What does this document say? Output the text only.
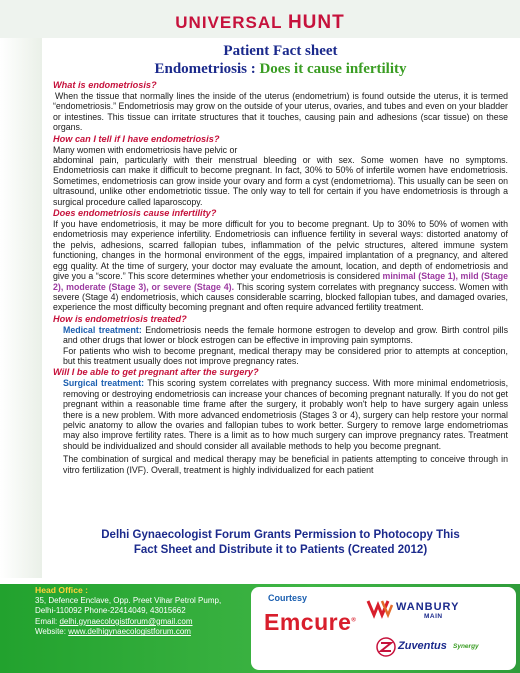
UNIVERSAL HUNT
Patient Fact sheet
Endometriosis : Does it cause infertility
What is endometriosis?
When the tissue that normally lines the inside of the uterus (endometrium) is found outside the uterus, it is termed “endometriosis.” Endometriosis may grow on the outside of your uterus, ovaries, and tubes and even on your bladder or intestines. This tissue can irritate structures that it touches, causing pain and adhesions (scar tissue) on these organs.
How can I tell if I have endometriosis?
Many women with endometriosis have pelvic or
abdominal pain, particularly with their menstrual bleeding or with sex. Some women have no symptoms. Endometriosis can make it difficult to become pregnant. In fact, 30% to 50% of infertile women have endometriosis. Sometimes, endometriosis can grow inside your ovary and form a cyst (endometrioma). This usually can be seen on ultrasound, unlike other endometriotic tissue. The only way to tell for certain if you have endometriosis is through a surgical procedure called laparoscopy.
Does endometriosis cause infertility?
If you have endometriosis, it may be more difficult for you to become pregnant. Up to 30% to 50% of women with endometriosis may experience infertility. Endometriosis can influence fertility in several ways: distorted anatomy of the pelvis, adhesions, scarred fallopian tubes, inflammation of the pelvic structures, altered immune system functioning, changes in the hormonal environment of the eggs, impaired implantation of a pregnancy, and altered egg quality. At the time of surgery, your doctor may evaluate the amount, location, and depth of endometriosis and give you a “score.” This score determines whether your endometriosis is considered minimal (Stage 1), mild (Stage 2), moderate (Stage 3), or severe (Stage 4). This scoring system correlates with pregnancy success. Women with severe (Stage 4) endometriosis, which causes considerable scarring, blocked fallopian tubes, and damaged ovaries, experience the most difficulty becoming pregnant and often require advanced fertility treatment.
How is endometriosis treated?
Medical treatment: Endometriosis needs the female hormone estrogen to develop and grow. Birth control pills and other drugs that lower or block estrogen can be effective in improving pain symptoms.
For patients who wish to become pregnant, medical therapy may be considered prior to attempts at conception, but this treatment usually does not improve pregnancy rates.
Will I be able to get pregnant after the surgery?
Surgical treatment: This scoring system correlates with pregnancy success. With more minimal endometriosis, removing or destroying endometriosis can increase your chances of becoming pregnant naturally. If you do not get pregnant within a reasonable time frame after the surgery, it probably won't help to have surgery again unless there is a new problem. With more advanced endometriosis (Stages 3 or 4), surgery can help restore your normal pelvic anatomy to allow the ovaries and fallopian tubes to work better. Surgery to remove large endometriomas may also improve fertility rates. There is a limit as to how much surgery can improve pregnancy rates. Treatment should be individualized and should consider all available methods to help you become pregnant.
The combination of surgical and medical therapy may be beneficial in patients attempting to conceive through in vitro fertilization (IVF). Overall, treatment is highly individualized for each patient
Delhi Gynaecologist Forum Grants Permission to Photocopy This
Fact Sheet and Distribute it to Patients (Created 2012)
Head Office :
35, Defence Enclave, Opp. Preet Vihar Petrol Pump,
Delhi-110092 Phone-22414049, 43015662
Email: delhi.gynaecologistforum@gmail.com
Website: www.delhigynaecologistforum.com
Courtesy
Emcure®
WANBURY
MAIN
Zuventus Synergy
